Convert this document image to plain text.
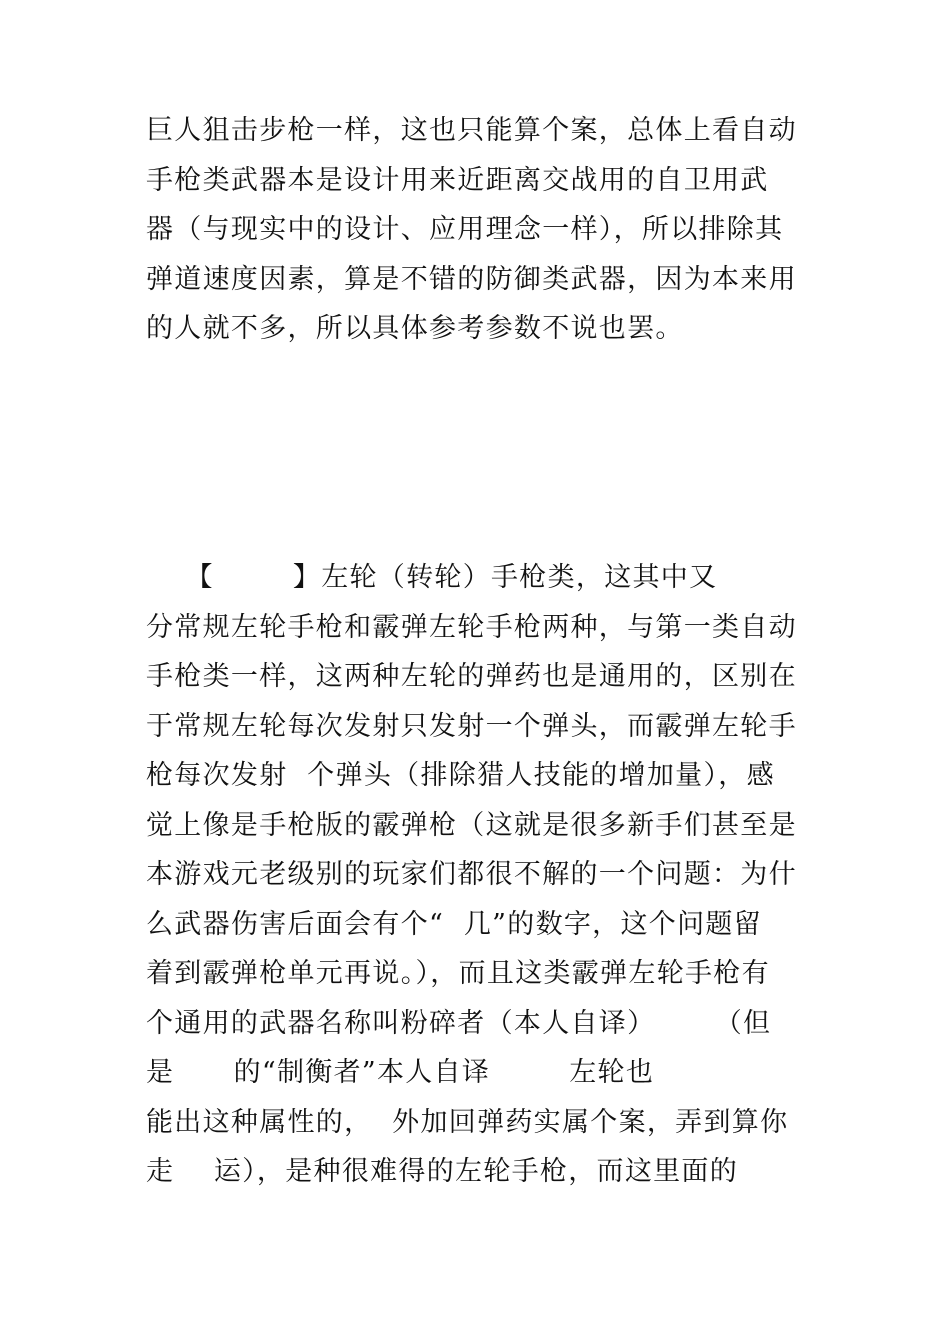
巨人狙击步枪一样，这也只能算个案，总体上看自动
手枪类武器本是设计用来近距离交战用的自卫用武
器（与现实中的设计、应用理念一样），所以排除其
弹道速度因素，算是不错的防御类武器，因为本来用
的人就不多，所以具体参考参数不说也罢。
【        】左轮（转轮）手枪类，这其中又
分常规左轮手枪和霰弹左轮手枪两种，与第一类自动
手枪类一样，这两种左轮的弹药也是通用的，区别在
于常规左轮每次发射只发射一个弹头，而霰弹左轮手
枪每次发射  个弹头（排除猎人技能的增加量），感
觉上像是手枪版的霰弹枪（这就是很多新手们甚至是
本游戏元老级别的玩家们都很不解的一个问题：为什
么武器伤害后面会有个“  几”的数字，这个问题留
着到霰弹枪单元再说。），而且这类霰弹左轮手枪有
个通用的武器名称叫粉碎者（本人自译）      （但
是      的“制衡者”本人自译        左轮也
能出这种属性的，  外加回弹药实属个案，弄到算你
走    运），是种很难得的左轮手枪，而这里面的
